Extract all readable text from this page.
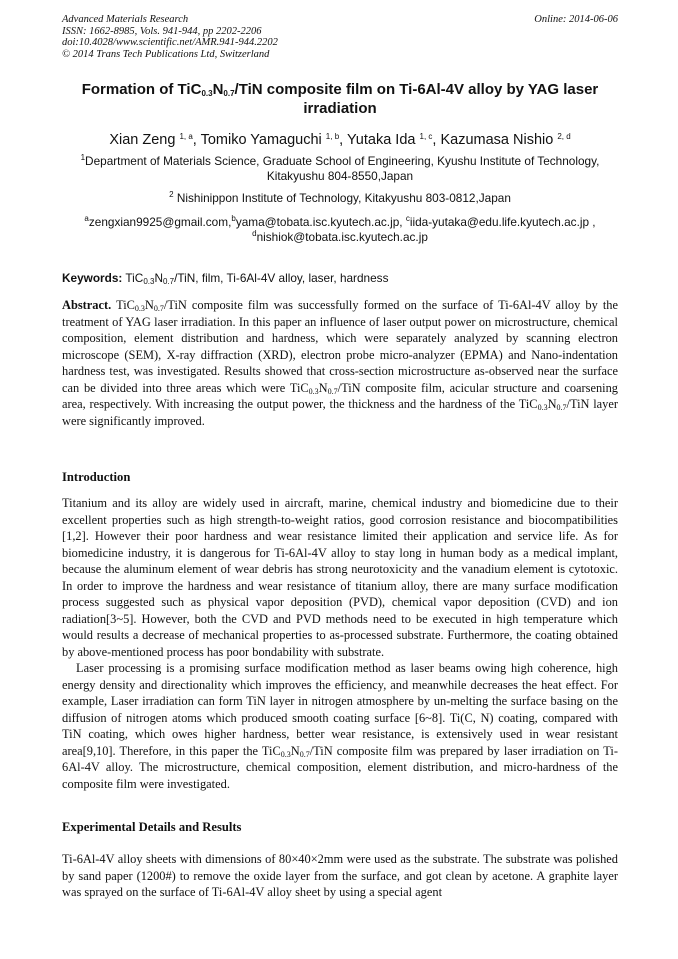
Advanced Materials Research
ISSN: 1662-8985, Vols. 941-944, pp 2202-2206
doi:10.4028/www.scientific.net/AMR.941-944.2202
© 2014 Trans Tech Publications Ltd, Switzerland
Online: 2014-06-06
Formation of $TiC_{0.3}N_{0.7}$/TiN composite film on Ti-6Al-4V alloy by YAG laser irradiation
Xian Zeng $^{1, a}$, Tomiko Yamaguchi $^{1, b}$, Yutaka Ida $^{1, c}$, Kazumasa Nishio $^{2, d}$
$^1$Department of Materials Science, Graduate School of Engineering, Kyushu Institute of Technology, Kitakyushu 804-8550,Japan
$^2$ Nishinippon Institute of Technology, Kitakyushu 803-0812,Japan
$^a$zengxian9925@gmail.com,$^b$yama@tobata.isc.kyutech.ac.jp, $^c$iida-yutaka@edu.life.kyutech.ac.jp ,
$^d$nishiok@tobata.isc.kyutech.ac.jp
Keywords: $TiC_{0.3}N_{0.7}$/TiN, film, Ti-6Al-4V alloy, laser, hardness
Abstract. $TiC_{0.3}N_{0.7}$/TiN composite film was successfully formed on the surface of Ti-6Al-4V alloy by the treatment of YAG laser irradiation. In this paper an influence of laser output power on microstructure, chemical composition, element distribution and hardness, which were separately analyzed by scanning electron microscope (SEM), X-ray diffraction (XRD), electron probe micro-analyzer (EPMA) and Nano-indentation hardness test, was investigated. Results showed that cross-section microstructure as-observed near the surface can be divided into three areas which were $TiC_{0.3}N_{0.7}$/TiN composite film, acicular structure and coarsening area, respectively. With increasing the output power, the thickness and the hardness of the $TiC_{0.3}N_{0.7}$/TiN layer were significantly improved.
Introduction
Titanium and its alloy are widely used in aircraft, marine, chemical industry and biomedicine due to their excellent properties such as high strength-to-weight ratios, good corrosion resistance and biocompatibilities [1,2]. However their poor hardness and wear resistance limited their application and service life. As for biomedicine industry, it is dangerous for Ti-6Al-4V alloy to stay long in human body as a medical implant, because the aluminum element of wear debris has strong neurotoxicity and the vanadium element is cytotoxic. In order to improve the hardness and wear resistance of titanium alloy, there are many surface modification process suggested such as physical vapor deposition (PVD), chemical vapor deposition (CVD) and ion radiation[3~5]. However, both the CVD and PVD methods need to be executed in high temperature which would results a decrease of mechanical properties to as-processed substrate. Furthermore, the coating obtained by above-mentioned process has poor bondability with substrate.
Laser processing is a promising surface modification method as laser beams owing high coherence, high energy density and directionality which improves the efficiency, and meanwhile decreases the heat effect. For example, Laser irradiation can form TiN layer in nitrogen atmosphere by un-melting the surface basing on the diffusion of nitrogen atoms which produced smooth coating surface [6~8]. Ti(C, N) coating, compared with TiN coating, which owes higher hardness, better wear resistance, is extensively used in wear resistant area[9,10]. Therefore, in this paper the $TiC_{0.3}N_{0.7}$/TiN composite film was prepared by laser irradiation on Ti-6Al-4V alloy. The microstructure, chemical composition, element distribution, and micro-hardness of the composite film were investigated.
Experimental Details and Results
Ti-6Al-4V alloy sheets with dimensions of 80×40×2mm were used as the substrate. The substrate was polished by sand paper (1200#) to remove the oxide layer from the surface, and got clean by acetone. A graphite layer was sprayed on the surface of Ti-6Al-4V alloy sheet by using a special agent
